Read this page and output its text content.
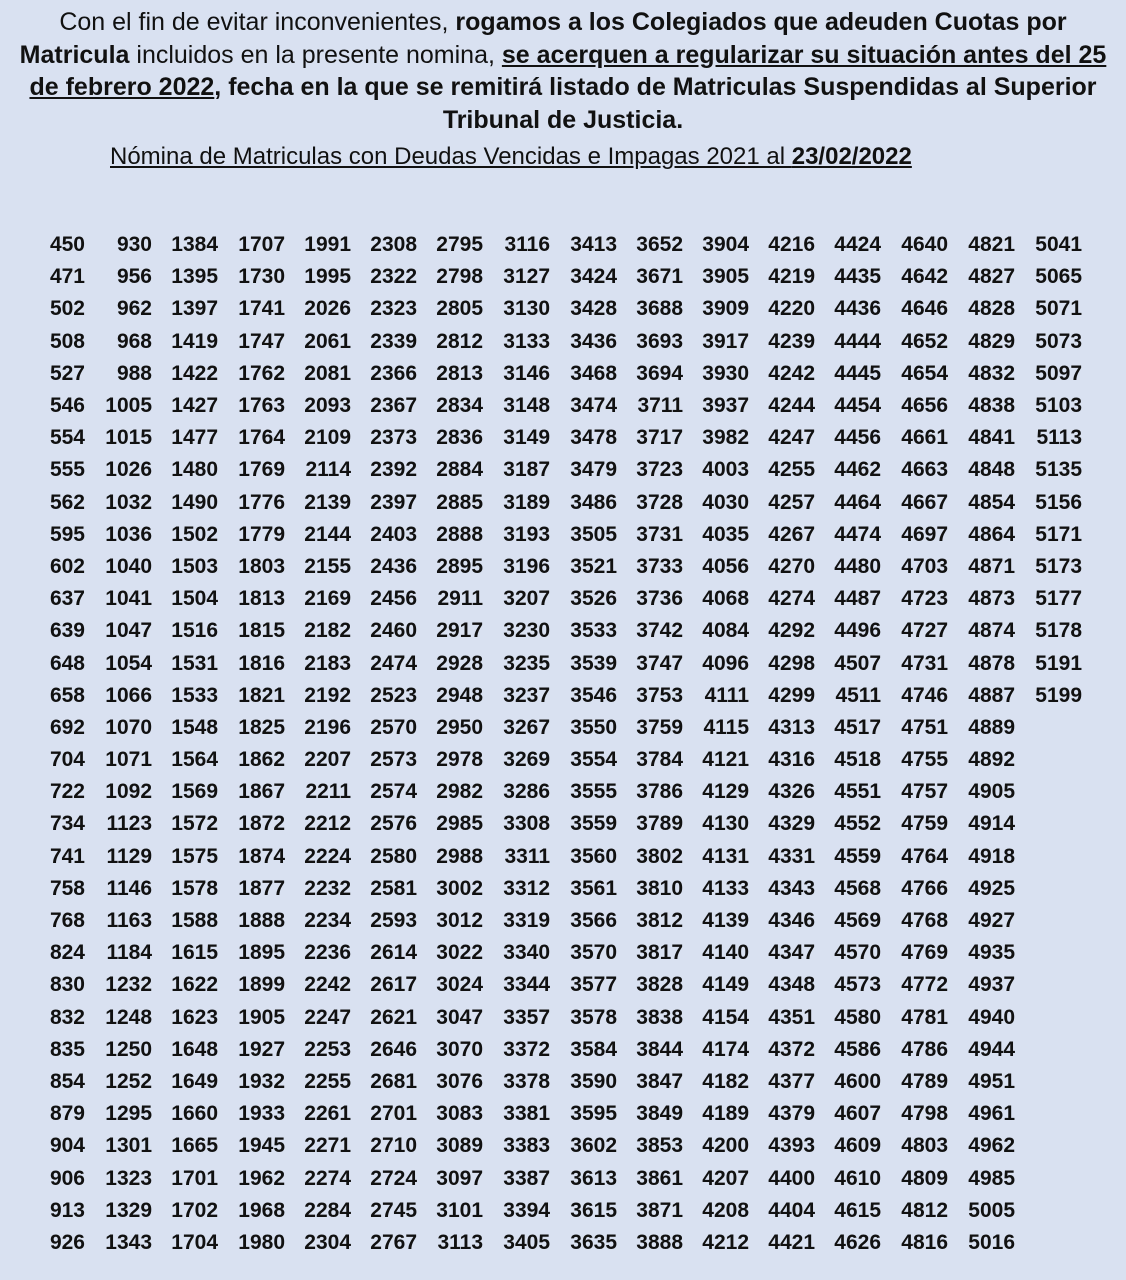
Con el fin de evitar inconvenientes, rogamos a los Colegiados que adeuden Cuotas por Matricula incluidos en la presente nomina, se acerquen a regularizar su situación antes del 25 de febrero 2022, fecha en la que se remitirá listado de Matriculas Suspendidas al Superior Tribunal de Justicia.
Nómina de Matriculas con Deudas Vencidas e Impagas 2021 al 23/02/2022
450	930 1384 1707 1991 2308 2795	3116 3413 3652 3904 4216 4424 4640 4821 5041
471	956 1395 1730 1995 2322 2798 3127 3424 3671 3905 4219 4435 4642 4827 5065
502	962 1397 1741 2026 2323 2805 3130 3428 3688 3909 4220 4436 4646 4828 5071
508	968 1419 1747 2061 2339 2812 3133 3436 3693 3917 4239 4444 4652 4829 5073
527	988 1422 1762 2081 2366 2813 3146 3468 3694 3930 4242 4445 4654 4832 5097
546 1005 1427 1763 2093 2367 2834 3148 3474 3711 3937 4244 4454 4656 4838 5103
554 1015 1477 1764 2109 2373 2836 3149 3478 3717 3982 4247 4456 4661 4841	5113
555 1026 1480 1769 2114 2392 2884 3187 3479 3723 4003 4255 4462 4663 4848 5135
562 1032 1490 1776 2139 2397 2885 3189 3486 3728 4030 4257 4464 4667 4854 5156
595 1036 1502 1779 2144 2403 2888 3193 3505 3731 4035 4267 4474 4697 4864 5171
602 1040 1503 1803 2155 2436 2895 3196 3521 3733 4056 4270 4480 4703 4871 5173
637 1041 1504 1813 2169 2456 2911 3207 3526 3736 4068 4274 4487 4723 4873 5177
639 1047 1516 1815 2182 2460 2917 3230 3533 3742 4084 4292 4496 4727 4874 5178
648 1054 1531 1816 2183 2474 2928 3235 3539 3747 4096 4298 4507 4731 4878 5191
658 1066 1533 1821 2192 2523 2948 3237 3546 3753	4111 4299 4511 4746 4887 5199
692 1070 1548 1825 2196 2570 2950 3267 3550 3759 4115 4313 4517 4751 4889
704 1071 1564 1862 2207 2573 2978 3269 3554 3784 4121 4316 4518 4755 4892
722 1092 1569 1867 2211 2574 2982 3286 3555 3786 4129 4326 4551 4757 4905
734	1123 1572 1872 2212 2576 2985 3308 3559 3789 4130 4329 4552 4759 4914
741	1129 1575 1874 2224 2580 2988	3311 3560 3802 4131 4331 4559 4764 4918
758	1146 1578 1877 2232 2581 3002 3312 3561 3810 4133 4343 4568 4766 4925
768	1163 1588 1888 2234 2593 3012 3319 3566 3812 4139 4346 4569 4768 4927
824	1184 1615 1895 2236 2614 3022 3340 3570 3817 4140 4347 4570 4769 4935
830 1232 1622 1899 2242 2617 3024 3344 3577 3828 4149 4348 4573 4772 4937
832 1248 1623 1905 2247 2621 3047 3357 3578 3838 4154 4351 4580 4781 4940
835 1250 1648 1927 2253 2646 3070 3372 3584 3844 4174 4372 4586 4786 4944
854 1252 1649 1932 2255 2681 3076 3378 3590 3847 4182 4377 4600 4789 4951
879 1295 1660 1933 2261 2701 3083 3381 3595 3849 4189 4379 4607 4798 4961
904 1301 1665 1945 2271 2710 3089 3383 3602 3853 4200 4393 4609 4803 4962
906 1323 1701 1962 2274 2724 3097 3387 3613 3861 4207 4400 4610 4809 4985
913 1329 1702 1968 2284 2745 3101 3394 3615 3871 4208 4404 4615 4812 5005
926 1343 1704 1980 2304 2767 3113 3405 3635 3888 4212 4421 4626 4816 5016
